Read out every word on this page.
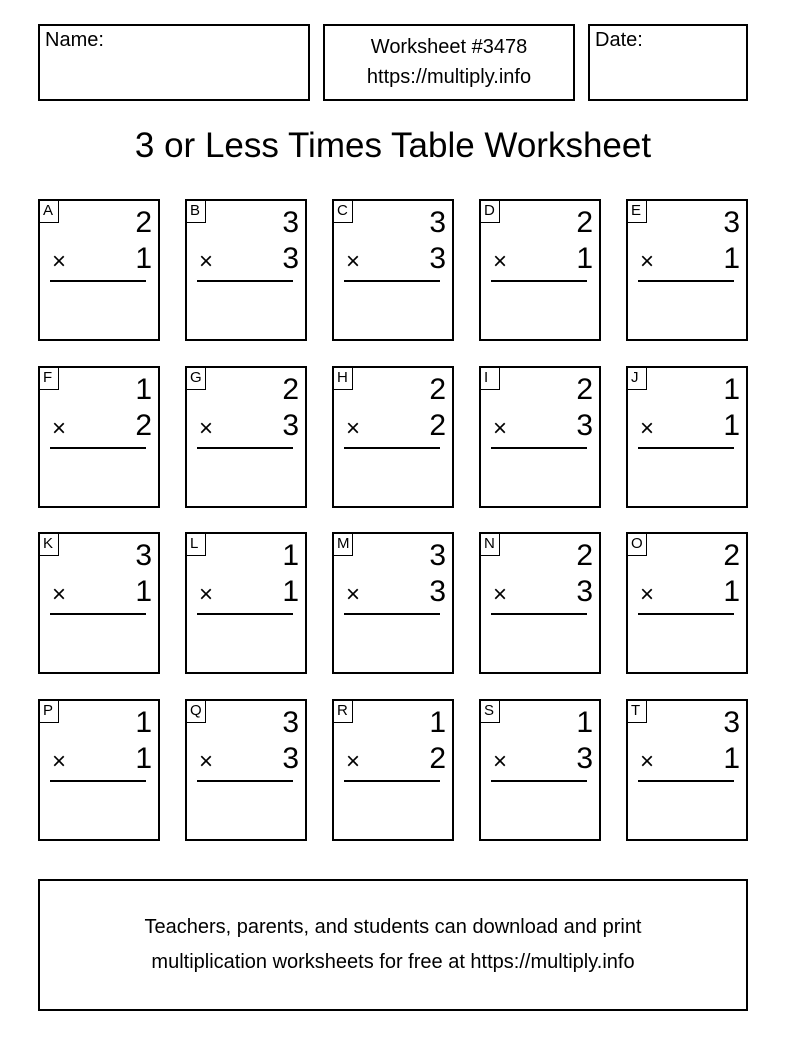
Name:	Worksheet #3478
https://multiply.info
Date:
3 or Less Times Table Worksheet
A	2
× 1
B	3
× 3
C	3
× 3
D	2
× 1
E	3
× 1
F	1
× 2
G	2
× 3
H	2
× 2
I	2
× 3
J	1
× 1
K	3
× 1
L	1
× 1
M	3
× 3
N	2
× 3
O	2
× 1
P	1
× 1
Q	3
× 3
R	1
× 2
S	1
× 3
T	3
× 1
Teachers, parents, and students can download and print
multiplication worksheets for free at https://multiply.info
